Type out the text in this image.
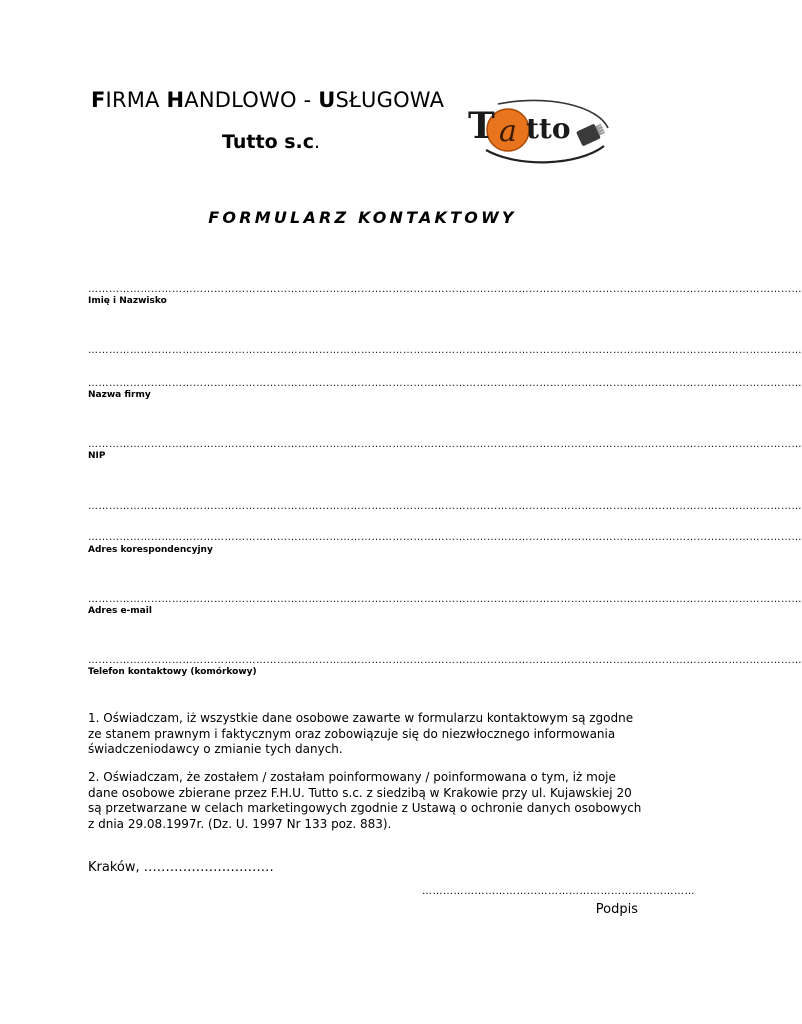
FIRMA HANDLOWO - USŁUGOWA
Tutto s.c.	a
T tto
FORMULARZ KONTAKTOWY
……………………………………………………………………………………………………………………………………………………………………………………
Imię i Nazwisko
……………………………………………………………………………………………………………………………………………………………………………………
……………………………………………………………………………………………………………………………………………………………………………………
Nazwa firmy
……………………………………………………………………………………………………………………………………………………………………………………
NIP
……………………………………………………………………………………………………………………………………………………………………………………
……………………………………………………………………………………………………………………………………………………………………………………
Adres korespondencyjny
……………………………………………………………………………………………………………………………………………………………………………………
Adres e-mail
……………………………………………………………………………………………………………………………………………………………………………………
Telefon kontaktowy (komórkowy)
1. Oświadczam, iż wszystkie dane osobowe zawarte w formularzu kontaktowym są zgodne ze stanem prawnym i faktycznym oraz zobowiązuje się do niezwłocznego informowania świadczeniodawcy o zmianie tych danych.
2. Oświadczam, że zostałem / zostałam poinformowany / poinformowana o tym, iż moje dane osobowe zbierane przez F.H.U. Tutto s.c. z siedzibą w Krakowie przy ul. Kujawskiej 20 są przetwarzane w celach marketingowych zgodnie z Ustawą o ochronie danych osobowych z dnia 29.08.1997r. (Dz. U. 1997 Nr 133 poz. 883).
Kraków, …………………………
……………………………………………………………………
Podpis
